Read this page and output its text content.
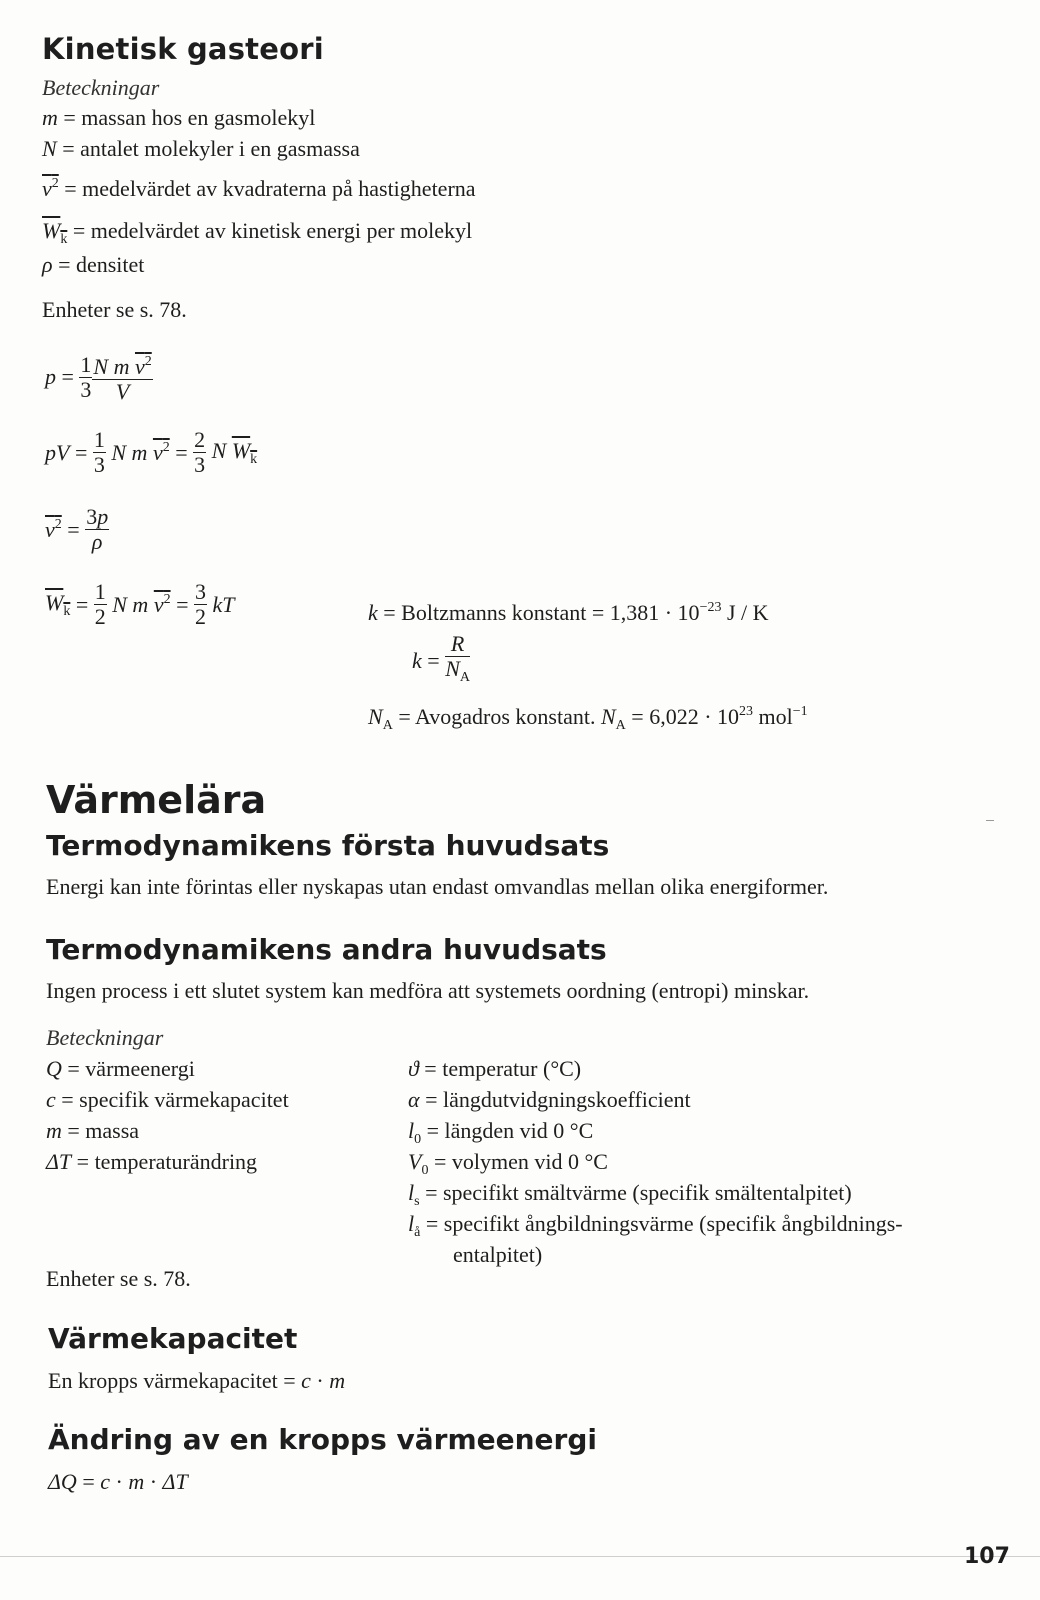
Kinetisk gasteori
Beteckningar
m = massan hos en gasmolekyl
N = antalet molekyler i en gasmassa
$v^2$ = medelvärdet av kvadraterna på hastigheterna
$W_k$ = medelvärdet av kinetisk energi per molekyl
ρ = densitet
Enheter se s. 78.
$p = \frac{1}{3} \frac{N m v^2}{V}$
pV = $\frac{1}{3}$ N m $v^2 = \frac{2}{3}$ N $W_k$
$v^2 = \frac{3p}{\rho}$
$W_k = \frac{1}{2}$ N m $v^2 = \frac{3}{2}$ kT	k = Boltzmanns konstant = $1,381 \cdot 10^{-23}$ J / K
$k = \frac{R}{N_A}$
$N_A$ = Avogadros konstant. $N_A = 6,022 \cdot 10^{23}$ mol$^{-1}$
Värmelära
Termodynamikens första huvudsats
Energi kan inte förintas eller nyskapas utan endast omvandlas mellan olika energiformer.
Termodynamikens andra huvudsats
Ingen process i ett slutet system kan medföra att systemets oordning (entropi) minskar.
Beteckningar
Q = värmeenergi
c = specifik värmekapacitet
m = massa
ΔT = temperaturändring
ϑ = temperatur (°C)
α = längdutvidgningskoefficient
$l_0$ = längden vid 0 °C
$V_0$ = volymen vid 0 °C
$l_s$ = specifikt smältvärme (specifik smältentalpitet)
$l_å$ = specifikt ångbildningsvärme (specifik ångbildnings-
entalpitet)
Enheter se s. 78.
Värmekapacitet
En kropps värmekapacitet = c · m
Ändring av en kropps värmeenergi
ΔQ = c · m · ΔT
107
